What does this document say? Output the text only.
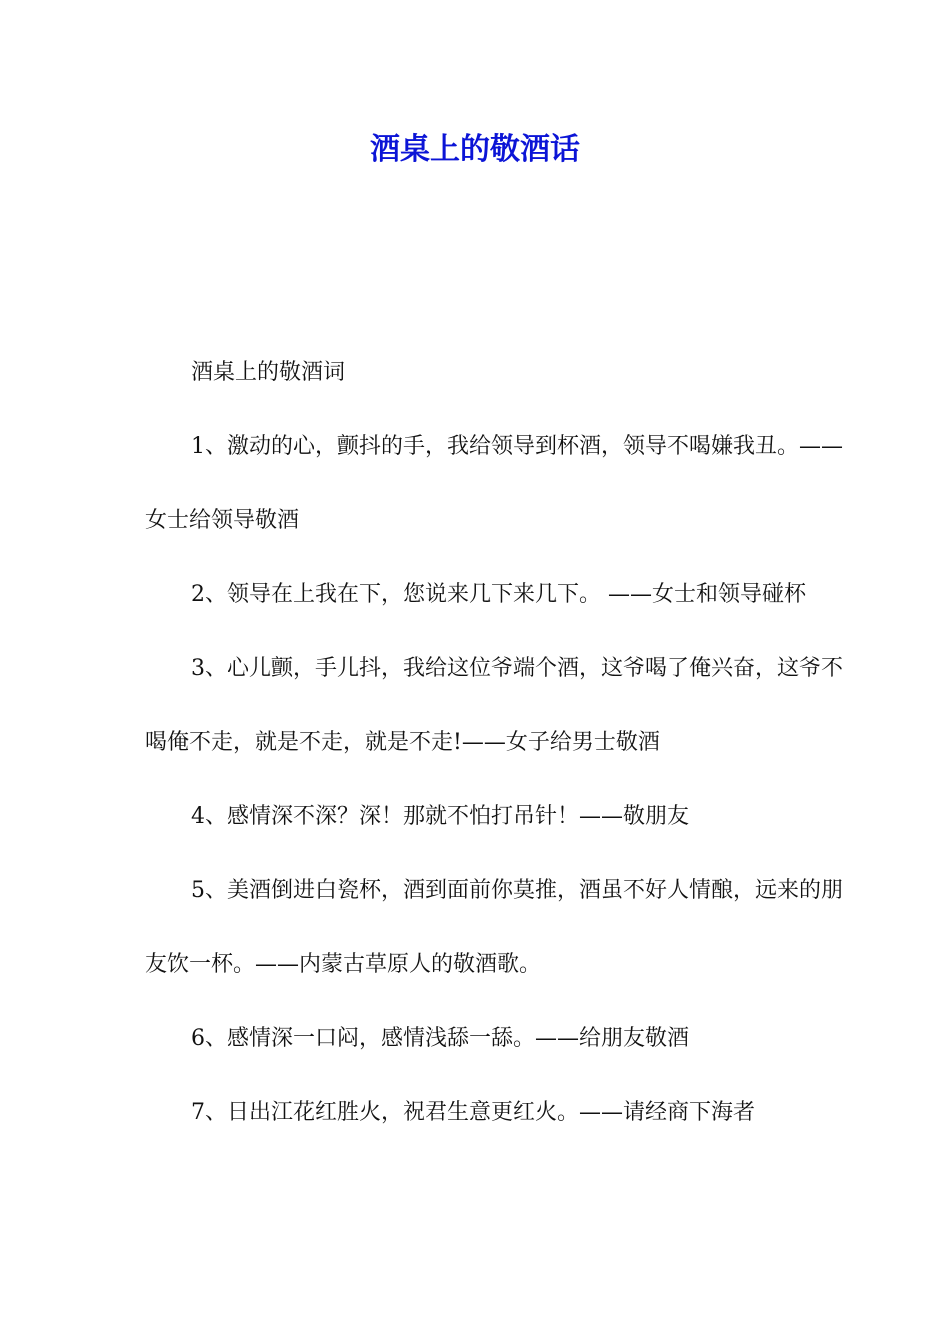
酒桌上的敬酒话

酒桌上的敬酒词

1、激动的心，颤抖的手，我给领导到杯酒，领导不喝嫌我丑。——女士给领导敬酒

2、领导在上我在下，您说来几下来几下。 ——女士和领导碰杯

3、心儿颤，手儿抖，我给这位爷端个酒，这爷喝了俺兴奋，这爷不喝俺不走，就是不走，就是不走!——女子给男士敬酒

4、感情深不深？深！那就不怕打吊针！——敬朋友

5、美酒倒进白瓷杯，酒到面前你莫推，酒虽不好人情酿，远来的朋友饮一杯。——内蒙古草原人的敬酒歌。

6、感情深一口闷，感情浅舔一舔。——给朋友敬酒

7、日出江花红胜火，祝君生意更红火。——请经商下海者
